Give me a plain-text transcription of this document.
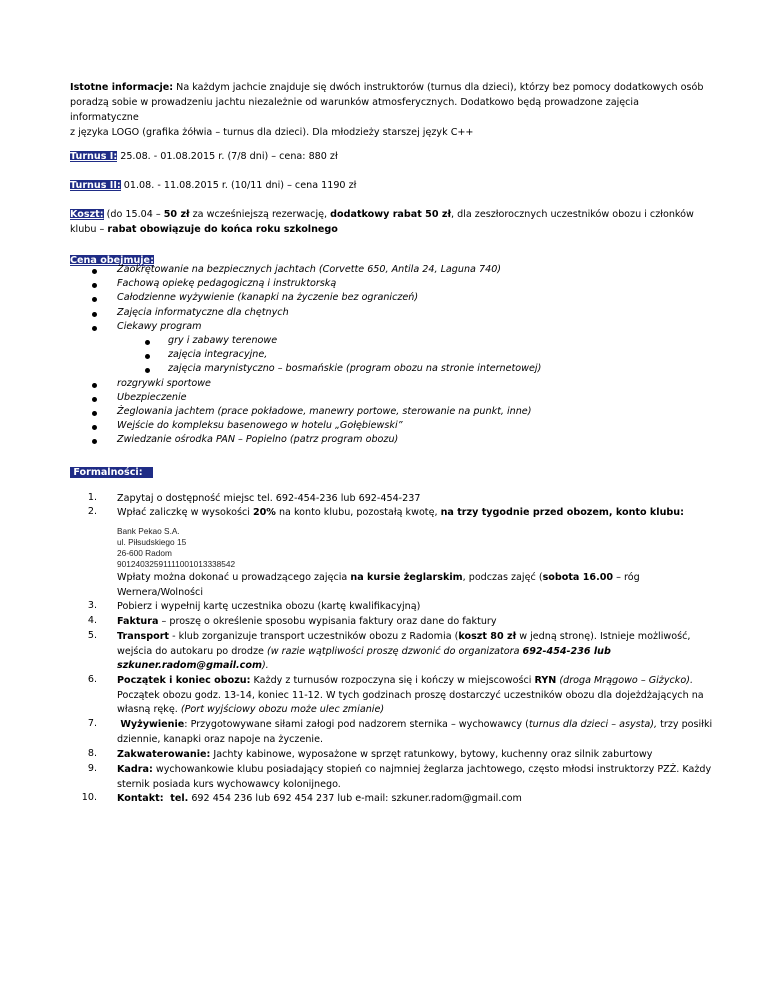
Istotne informacje: Na każdym jachcie znajduje się dwóch instruktorów (turnus dla dzieci), którzy bez pomocy dodatkowych osób
poradzą sobie w prowadzeniu jachtu niezależnie od warunków atmosferycznych. Dodatkowo będą prowadzone zajęcia informatyczne
z języka LOGO (grafika żółwia – turnus dla dzieci). Dla młodzieży starszej język C++
Turnus I: 25.08. - 01.08.2015 r. (7/8 dni) – cena: 880 zł
Turnus II: 01.08. - 11.08.2015 r. (10/11 dni) – cena 1190 zł
Koszt: (do 15.04 – 50 zł za wcześniejszą rezerwację, dodatkowy rabat 50 zł, dla zeszłorocznych uczestników obozu i członków
klubu – rabat obowiązuje do końca roku szkolnego
Cena obejmuje:
Zaokrętowanie na bezpiecznych jachtach (Corvette 650, Antila 24, Laguna 740)
Fachową opiekę pedagogiczną i instruktorską
Całodzienne wyżywienie (kanapki na życzenie bez ograniczeń)
Zajęcia informatyczne dla chętnych
Ciekawy program
gry i zabawy terenowe
zajęcia integracyjne,
zajęcia marynistyczno – bosmańskie (program obozu na stronie internetowej)
rozgrywki sportowe
Ubezpieczenie
Żeglowania jachtem (prace pokładowe, manewry portowe, sterowanie na punkt, inne)
Wejście do kompleksu basenowego w hotelu „Gołębiewski”
Zwiedzanie ośrodka PAN – Popielno (patrz program obozu)
Formalności:
1. Zapytaj o dostępność miejsc tel. 692-454-236 lub 692-454-237
2. Wpłać zaliczkę w wysokości 20% na konto klubu, pozostałą kwotę, na trzy tygodnie przed obozem, konto klubu:
Bank Pekao S.A.
ul. Piłsudskiego 15
26-600 Radom
90124032591111001013338542
Wpłaty można dokonać u prowadzącego zajęcia na kursie żeglarskim, podczas zajęć (sobota 16.00 – róg
Wernera/Wolności
3. Pobierz i wypełnij kartę uczestnika obozu (kartę kwalifikacyjną)
4. Faktura – proszę o określenie sposobu wypisania faktury oraz dane do faktury
5. Transport - klub zorganizuje transport uczestników obozu z Radomia (koszt 80 zł w jedną stronę). Istnieje możliwość,
wejścia do autokaru po drodze (w razie wątpliwości proszę dzwonić do organizatora 692-454-236 lub
szkuner.radom@gmail.com).
6. Początek i koniec obozu: Każdy z turnusów rozpoczyna się i kończy w miejscowości RYN (droga Mrągowo – Giżycko).
Początek obozu godz. 13-14, koniec 11-12. W tych godzinach proszę dostarczyć uczestników obozu dla dojeżdżających na
własną rękę. (Port wyjściowy obozu może ulec zmianie)
7. Wyżywienie: Przygotowywane siłami załogi pod nadzorem sternika – wychowawcy (turnus dla dzieci – asysta), trzy posiłki
dziennie, kanapki oraz napoje na życzenie.
8. Zakwaterowanie: Jachty kabinowe, wyposażone w sprzęt ratunkowy, bytowy, kuchenny oraz silnik zaburtowy
9. Kadra: wychowankowie klubu posiadający stopień co najmniej żeglarza jachtowego, często młodsi instruktorzy PZŻ. Każdy
sternik posiada kurs wychowawcy kolonijnego.
10. Kontakt:  tel. 692 454 236 lub 692 454 237 lub e-mail: szkuner.radom@gmail.com
